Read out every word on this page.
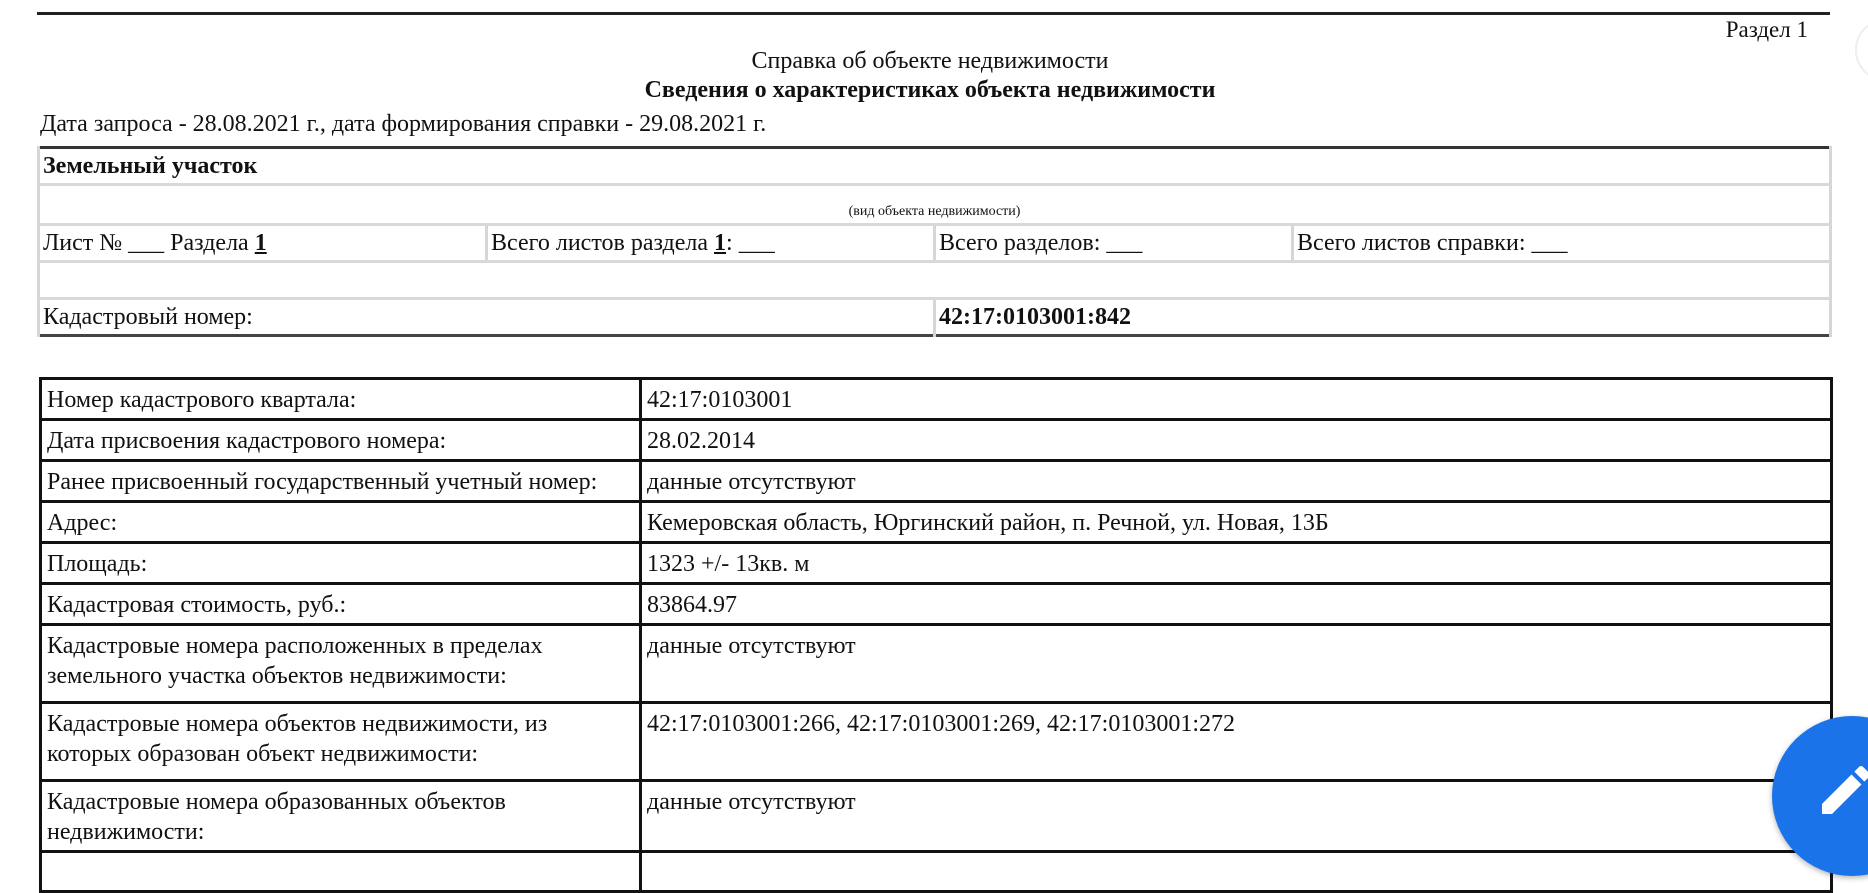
Раздел 1
Справка об объекте недвижимости
Сведения о характеристиках объекта недвижимости
Дата запроса - 28.08.2021 г., дата формирования справки - 29.08.2021 г.
Земельный участок			
(вид объекта недвижимости)			
Лист № ___ Раздела 1	Всего листов раздела 1: ___	Всего разделов: ___	Всего листов справки: ___

Кадастровый номер:		42:17:0103001:842	
Номер кадастрового квартала:	42:17:0103001
Дата присвоения кадастрового номера:	28.02.2014
Ранее присвоенный государственный учетный номер:	данные отсутствуют
Адрес:	Кемеровская область, Юргинский район, п. Речной, ул. Новая, 13Б
Площадь:	1323 +/- 13кв. м
Кадастровая стоимость, руб.:	83864.97
Кадастровые номера расположенных в пределах земельного участка объектов недвижимости:	данные отсутствуют
Кадастровые номера объектов недвижимости, из которых образован объект недвижимости:	42:17:0103001:266, 42:17:0103001:269, 42:17:0103001:272
Кадастровые номера образованных объектов недвижимости:	данные отсутствуют
